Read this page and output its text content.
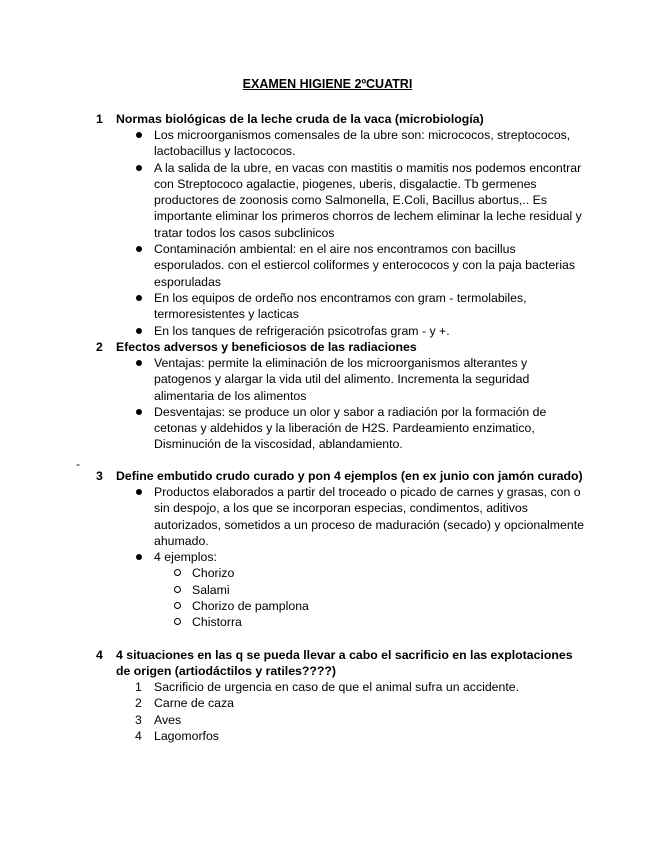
EXAMEN HIGIENE 2ºCUATRI
1 Normas biológicas de la leche cruda de la vaca (microbiología)
Los microorganismos comensales de la ubre son: micrococos, streptococos, lactobacillus y lactococos.
A la salida de la ubre, en vacas con mastitis o mamitis nos podemos encontrar con Streptococo agalactie, piogenes, uberis, disgalactie. Tb germenes productores de zoonosis como Salmonella, E.Coli, Bacillus abortus,.. Es importante eliminar los primeros chorros de lechem eliminar la leche residual y tratar todos los casos subclinicos
Contaminación ambiental: en el aire nos encontramos con bacillus esporulados. con el estiercol coliformes y enterococos y con la paja bacterias esporuladas
En los equipos de ordeño nos encontramos con gram - termolabiles, termoresistentes y lacticas
En los tanques de refrigeración psicotrofas gram - y +.
2 Efectos adversos y beneficiosos de las radiaciones
Ventajas: permite la eliminación de los microorganismos alterantes y patogenos y alargar la vida util del alimento. Incrementa la seguridad alimentaria de los alimentos
Desventajas: se produce un olor y sabor a radiación por la formación de cetonas y aldehidos y la liberación de H2S. Pardeamiento enzimatico, Disminución de la viscosidad, ablandamiento.
-
3 Define embutido crudo curado y pon 4 ejemplos (en ex junio con jamón curado)
Productos elaborados a partir del troceado o picado de carnes y grasas, con o sin despojo, a los que se incorporan especias, condimentos, aditivos autorizados, sometidos a un proceso de maduración (secado) y opcionalmente ahumado.
4 ejemplos:
Chorizo
Salami
Chorizo de pamplona
Chistorra
4 4 situaciones en las q se pueda llevar a cabo el sacrificio en las explotaciones de origen (artiodáctilos y ratiles????)
1 Sacrificio de urgencia en caso de que el animal sufra un accidente.
2 Carne de caza
3 Aves
4 Lagomorfos
